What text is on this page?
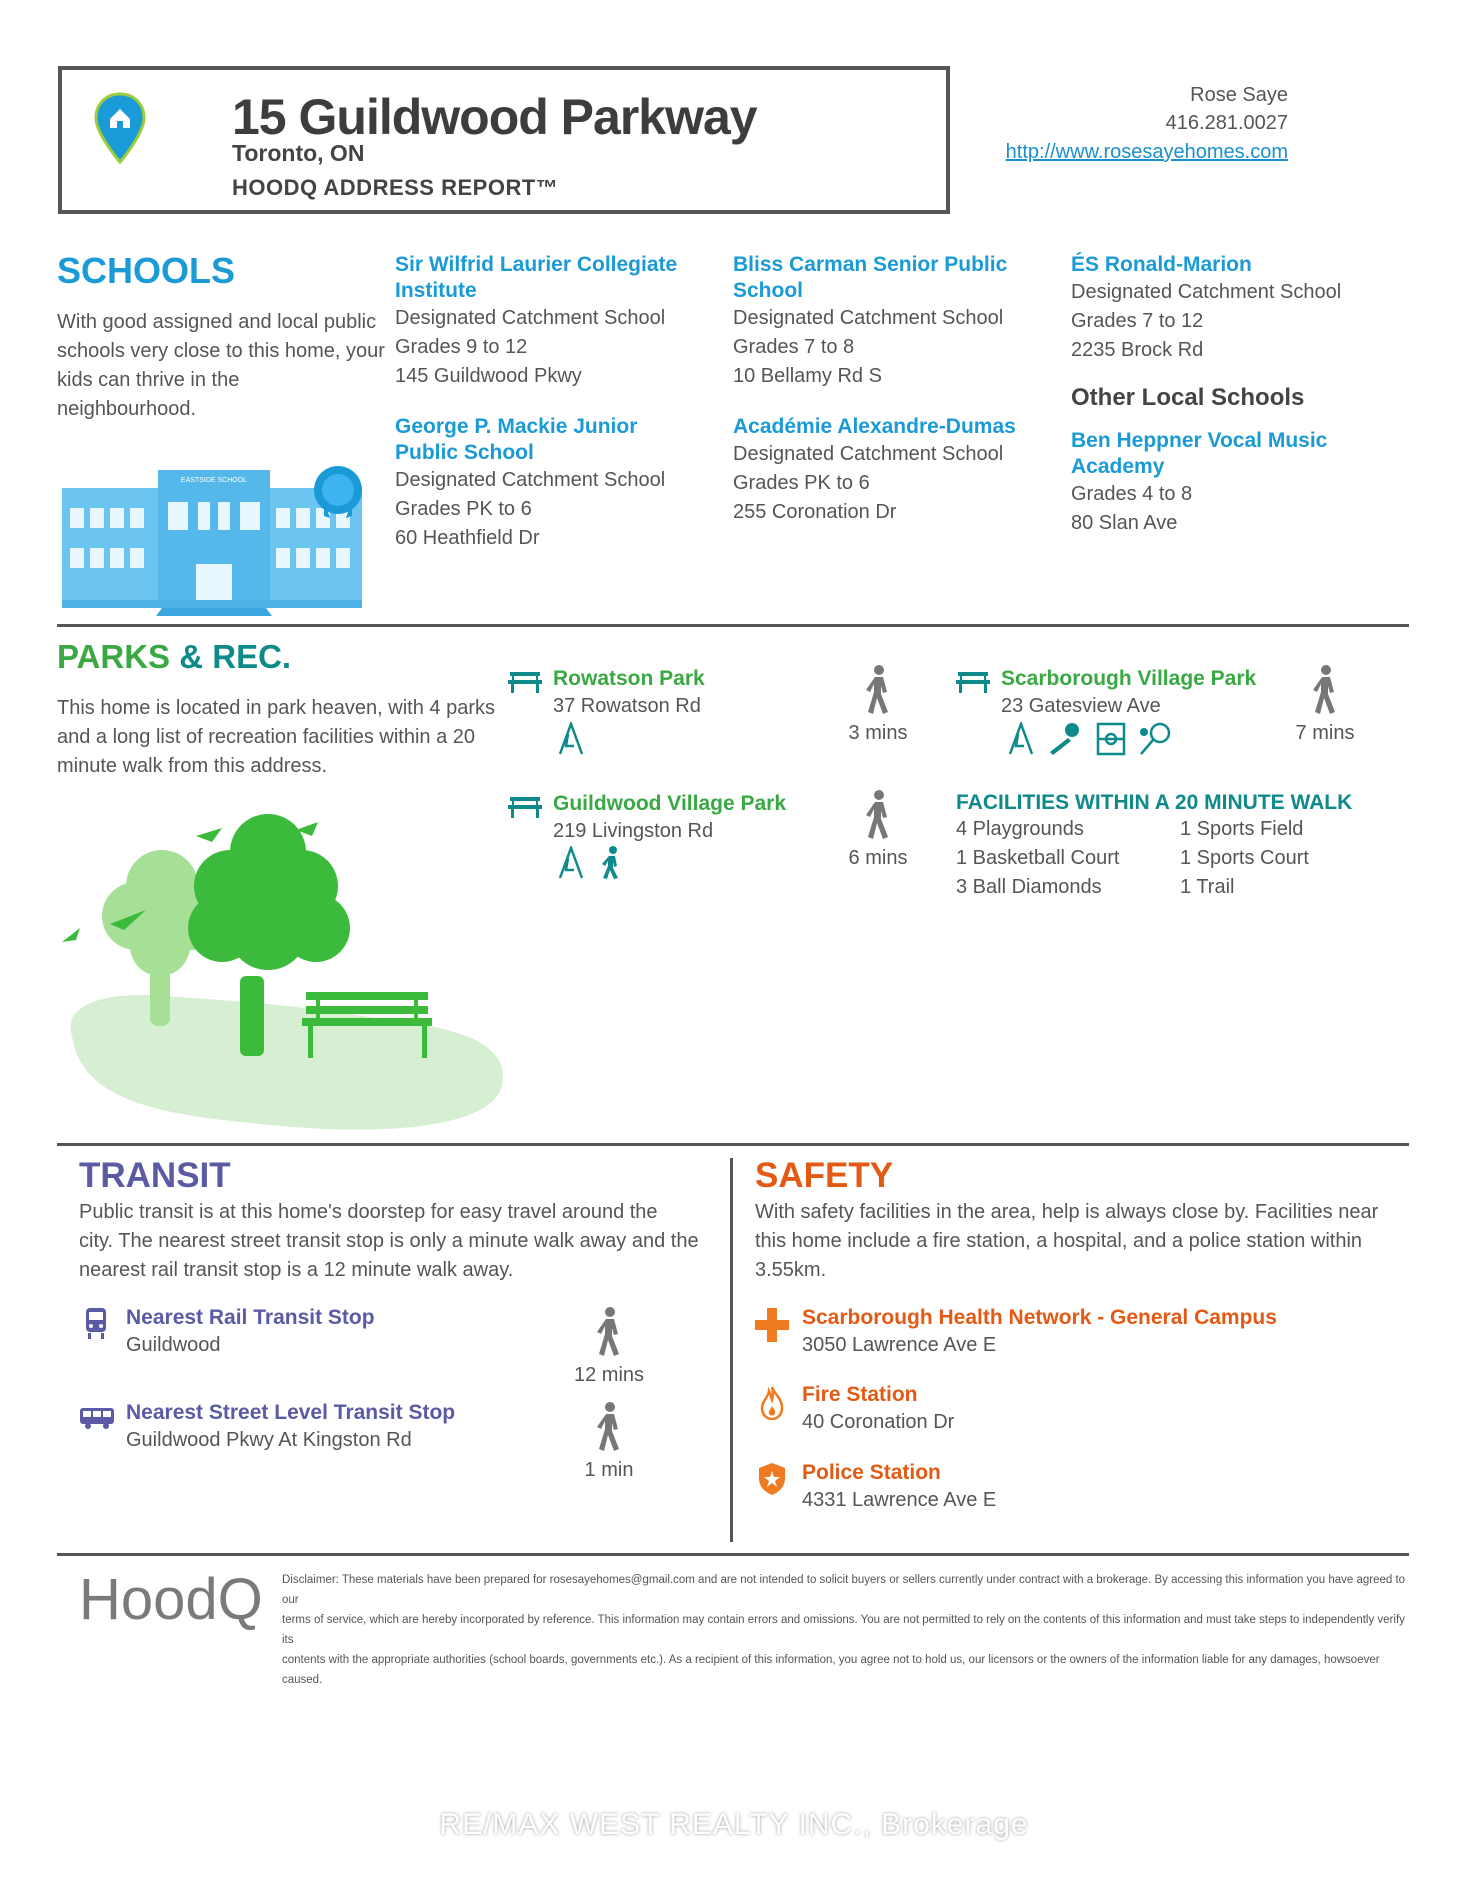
15 Guildwood Parkway
Toronto, ON
HOODQ ADDRESS REPORT™
Rose Saye
416.281.0027
http://www.rosesayehomes.com
SCHOOLS
With good assigned and local public
schools very close to this home, your
kids can thrive in the
neighbourhood.
EASTSIDE SCHOOL
Sir Wilfrid Laurier Collegiate
Institute
Designated Catchment School
Grades 9 to 12
145 Guildwood Pkwy
Bliss Carman Senior Public
School
Designated Catchment School
Grades 7 to 8
10 Bellamy Rd S
ÉS Ronald-Marion
Designated Catchment School
Grades 7 to 12
2235 Brock Rd
George P. Mackie Junior
Public School
Designated Catchment School
Grades PK to 6
60 Heathfield Dr
Académie Alexandre-Dumas
Designated Catchment School
Grades PK to 6
255 Coronation Dr
Other Local Schools
Ben Heppner Vocal Music
Academy
Grades 4 to 8
80 Slan Ave
PARKS & REC.
This home is located in park heaven, with 4 parks
and a long list of recreation facilities within a 20
minute walk from this address.
Rowatson Park
37 Rowatson Rd
3 mins
Scarborough Village Park
23 Gatesview Ave
7 mins
Guildwood Village Park
219 Livingston Rd
6 mins
FACILITIES WITHIN A 20 MINUTE WALK
4 Playgrounds
1 Basketball Court
3 Ball Diamonds
1 Sports Field
1 Sports Court
1 Trail
TRANSIT
Public transit is at this home's doorstep for easy travel around the
city. The nearest street transit stop is only a minute walk away and the
nearest rail transit stop is a 12 minute walk away.
Nearest Rail Transit Stop
Guildwood
12 mins
Nearest Street Level Transit Stop
Guildwood Pkwy At Kingston Rd
1 min
SAFETY
With safety facilities in the area, help is always close by. Facilities near
this home include a fire station, a hospital, and a police station within
3.55km.
Scarborough Health Network - General Campus
3050 Lawrence Ave E
Fire Station
40 Coronation Dr
Police Station
4331 Lawrence Ave E
HoodQ Disclaimer: These materials have been prepared for rosesayehomes@gmail.com and are not intended to solicit buyers or sellers currently under contract with a brokerage. By accessing this information you have agreed to our
terms of service, which are hereby incorporated by reference. This information may contain errors and omissions. You are not permitted to rely on the contents of this information and must take steps to independently verify its
contents with the appropriate authorities (school boards, governments etc.). As a recipient of this information, you agree not to hold us, our licensors or the owners of the information liable for any damages, howsoever caused.
RE/MAX WEST REALTY INC., Brokerage
